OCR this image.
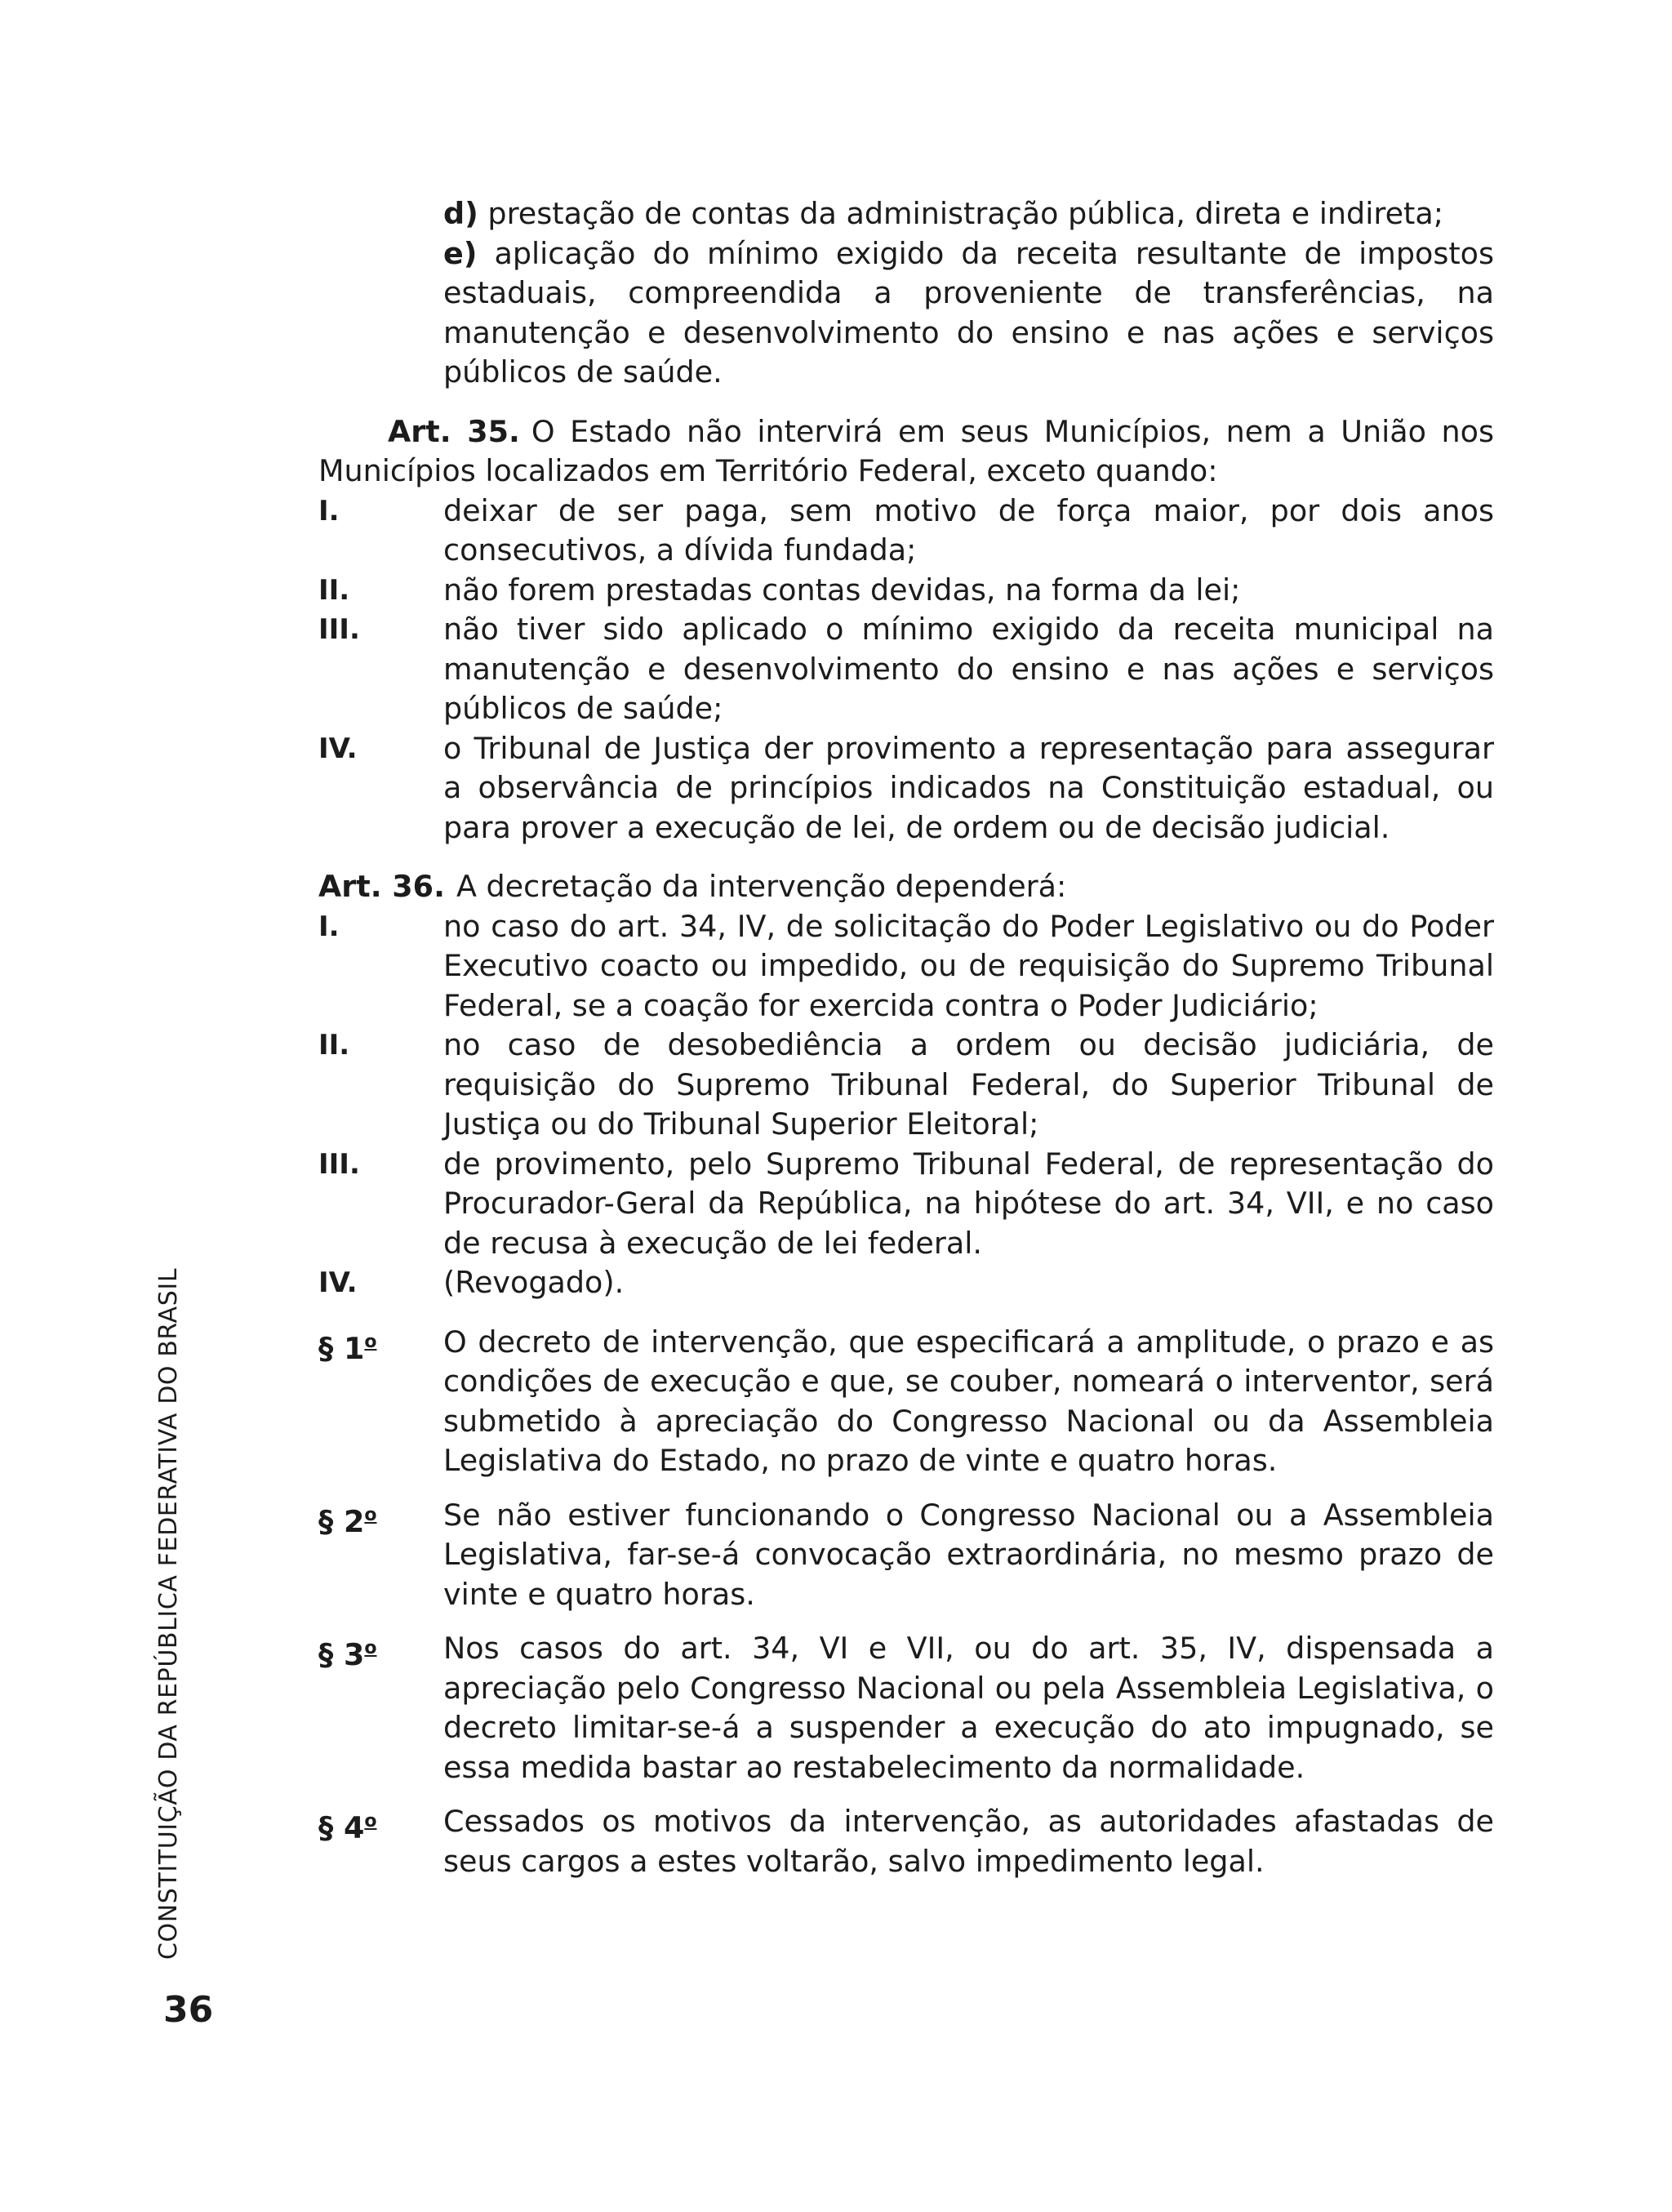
d) prestação de contas da administração pública, direta e indireta;

e) aplicação do mínimo exigido da receita resultante de impostos estaduais, compreendida a proveniente de transferências, na manutenção e desenvolvimento do ensino e nas ações e serviços públicos de saúde.

Art. 35. O Estado não intervirá em seus Municípios, nem a União nos Municípios localizados em Território Federal, exceto quando:

I.	deixar de ser paga, sem motivo de força maior, por dois anos consecutivos, a dívida fundada;
II.	não forem prestadas contas devidas, na forma da lei;
III.	não tiver sido aplicado o mínimo exigido da receita municipal na manutenção e desenvolvimento do ensino e nas ações e serviços públicos de saúde;
IV.	o Tribunal de Justiça der provimento a representação para assegurar a observância de princípios indicados na Constituição estadual, ou para prover a execução de lei, de ordem ou de decisão judicial.

Art. 36. A decretação da intervenção dependerá:

I.	no caso do art. 34, IV, de solicitação do Poder Legislativo ou do Poder Executivo coacto ou impedido, ou de requisição do Supremo Tribunal Federal, se a coação for exercida contra o Poder Judiciário;
II.	no caso de desobediência a ordem ou decisão judiciária, de requisição do Supremo Tribunal Federal, do Superior Tribunal de Justiça ou do Tribunal Superior Eleitoral;
III.	de provimento, pelo Supremo Tribunal Federal, de representação do Procurador-Geral da República, na hipótese do art. 34, VII, e no caso de recusa à execução de lei federal.
IV.	(Revogado).
§ 1$^o$	O decreto de intervenção, que especificará a amplitude, o prazo e as condições de execução e que, se couber, nomeará o interventor, será submetido à apreciação do Congresso Nacional ou da Assembleia Legislativa do Estado, no prazo de vinte e quatro horas.
§ 2$^o$	Se não estiver funcionando o Congresso Nacional ou a Assembleia Legislativa, far-se-á convocação extraordinária, no mesmo prazo de vinte e quatro horas.
§ 3$^o$	Nos casos do art. 34, VI e VII, ou do art. 35, IV, dispensada a apreciação pelo Congresso Nacional ou pela Assembleia Legislativa, o decreto limitar-se-á a suspender a execução do ato impugnado, se essa medida bastar ao restabelecimento da normalidade.
§ 4$^o$	Cessados os motivos da intervenção, as autoridades afastadas de seus cargos a estes voltarão, salvo impedimento legal.
CONSTITUIÇÃO DA REPÚBLICA FEDERATIVA DO BRASIL
36
